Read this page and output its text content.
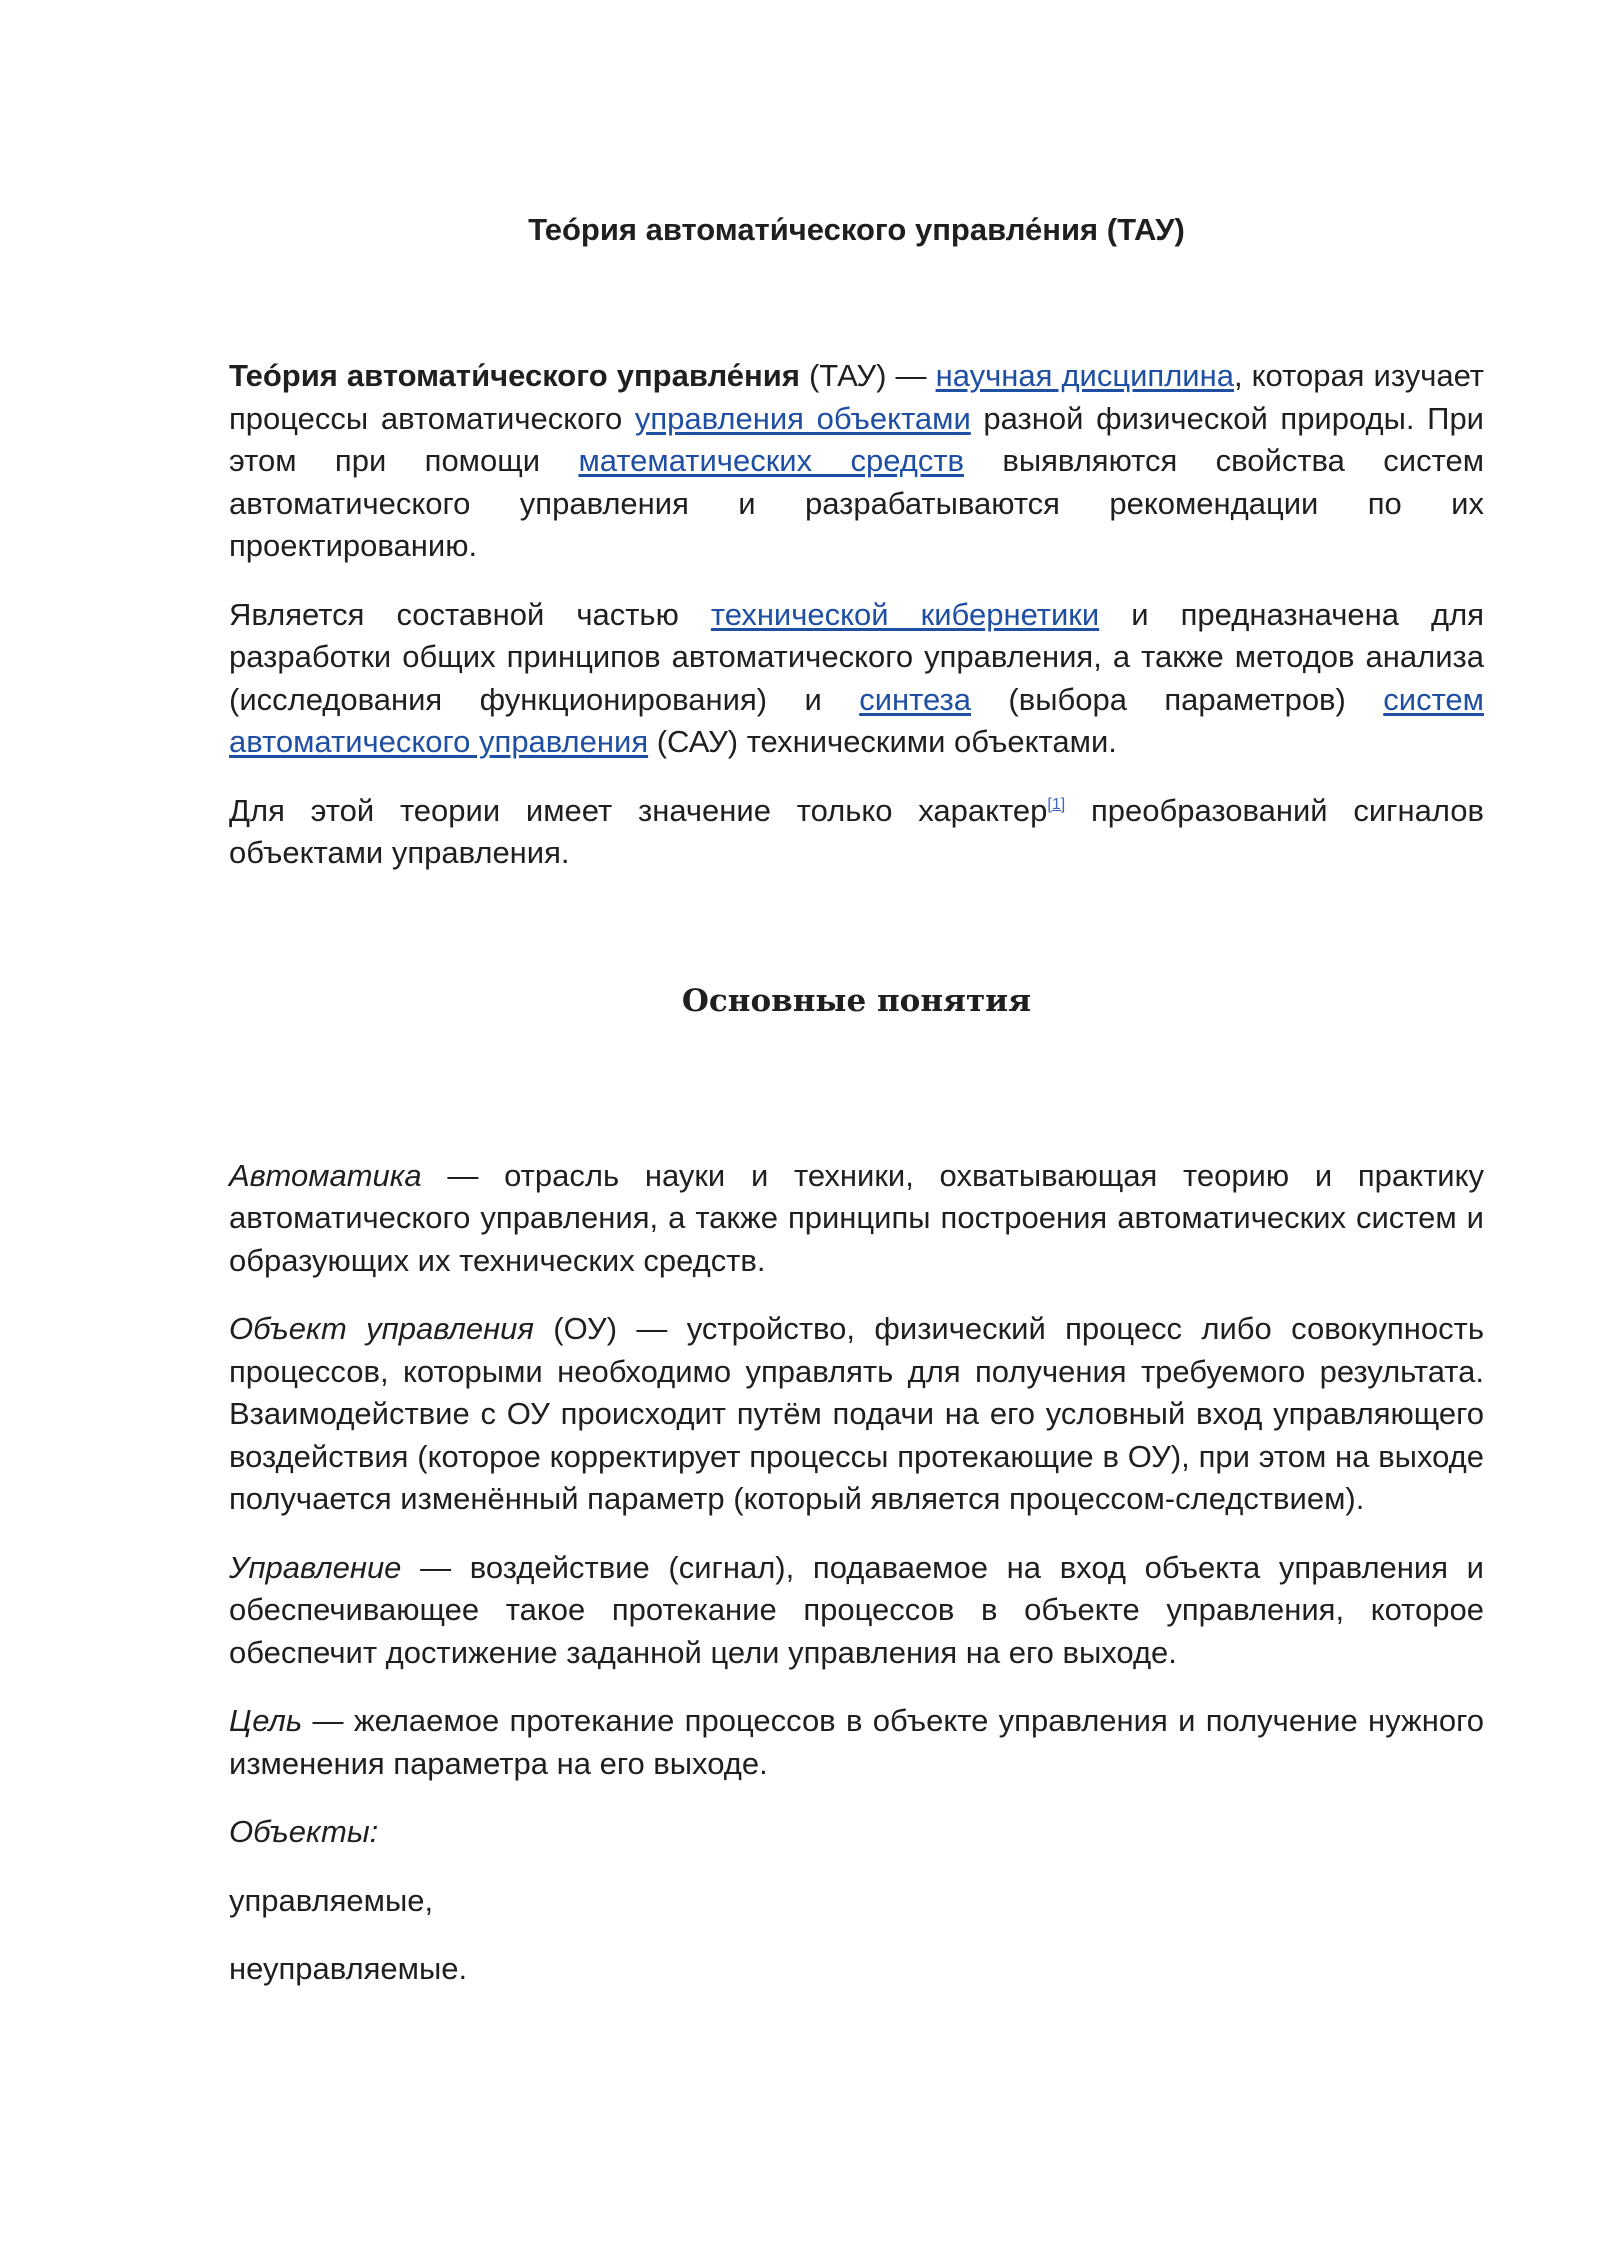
Teóрия автомати́ческого управле́ния (ТАУ)

Teóрия автомати́ческого управле́ния (ТАУ) — научная дисциплина, которая изучает процессы автоматического управления объектами разной физической природы. При этом при помощи математических средств выявляются свойства систем автоматического управления и разрабатываются рекомендации по их проектированию.

Является составной частью технической кибернетики и предназначена для разработки общих принципов автоматического управления, а также методов анализа (исследования функционирования) и синтеза (выбора параметров) систем автоматического управления (САУ) техническими объектами.

Для этой теории имеет значение только характер[1] преобразований сигналов объектами управления.

Основные понятия

Автоматика — отрасль науки и техники, охватывающая теорию и практику автоматического управления, а также принципы построения автоматических систем и образующих их технических средств.

Объект управления (ОУ) — устройство, физический процесс либо совокупность процессов, которыми необходимо управлять для получения требуемого результата. Взаимодействие с ОУ происходит путём подачи на его условный вход управляющего воздействия (которое корректирует процессы протекающие в ОУ), при этом на выходе получается изменённый параметр (который является процессом-следствием).

Управление — воздействие (сигнал), подаваемое на вход объекта управления и обеспечивающее такое протекание процессов в объекте управления, которое обеспечит достижение заданной цели управления на его выходе.

Цель — желаемое протекание процессов в объекте управления и получение нужного изменения параметра на его выходе.

Объекты:

управляемые,

неуправляемые.
